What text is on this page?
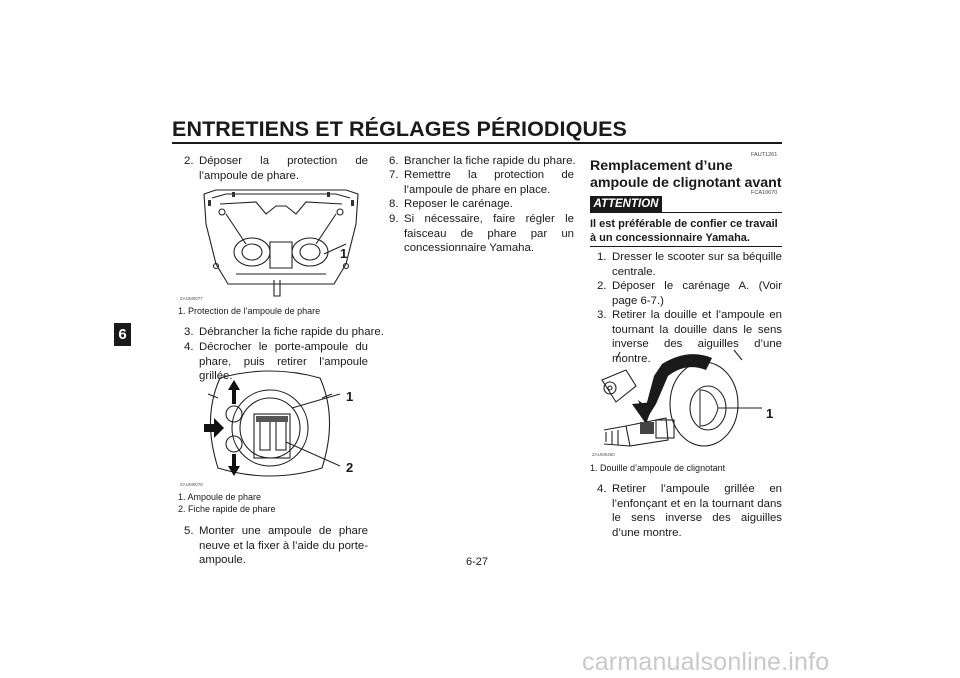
ENTRETIENS ET RÉGLAGES PÉRIODIQUES
6
2. Déposer la protection de l’ampoule de phare.
1
ZAUM0077
1. Protection de l’ampoule de phare
3. Débrancher la fiche rapide du phare.
4. Décrocher le porte-ampoule du phare, puis retirer l’ampoule grillée.
1
2
ZAUM0078
1. Ampoule de phare
2. Fiche rapide de phare
5. Monter une ampoule de phare neuve et la fixer à l’aide du porte-ampoule.
6. Brancher la fiche rapide du phare.
7. Remettre la protection de l’ampoule de phare en place.
8. Reposer le carénage.
9. Si nécessaire, faire régler le faisceau de phare par un concessionnaire Yamaha.
FAUT1261
Remplacement d’une ampoule de clignotant avant
FCA10670
ATTENTION
Il est préférable de confier ce travail à un concessionnaire Yamaha.
1. Dresser le scooter sur sa béquille centrale.
2. Déposer le carénage A. (Voir page 6-7.)
3. Retirer la douille et l’ampoule en tournant la douille dans le sens inverse des aiguilles d’une montre.
1
ZAUM0460
1. Douille d’ampoule de clignotant
4. Retirer l’ampoule grillée en l’enfonçant et en la tournant dans le sens inverse des aiguilles d’une montre.
6-27
carmanualsonline.info
